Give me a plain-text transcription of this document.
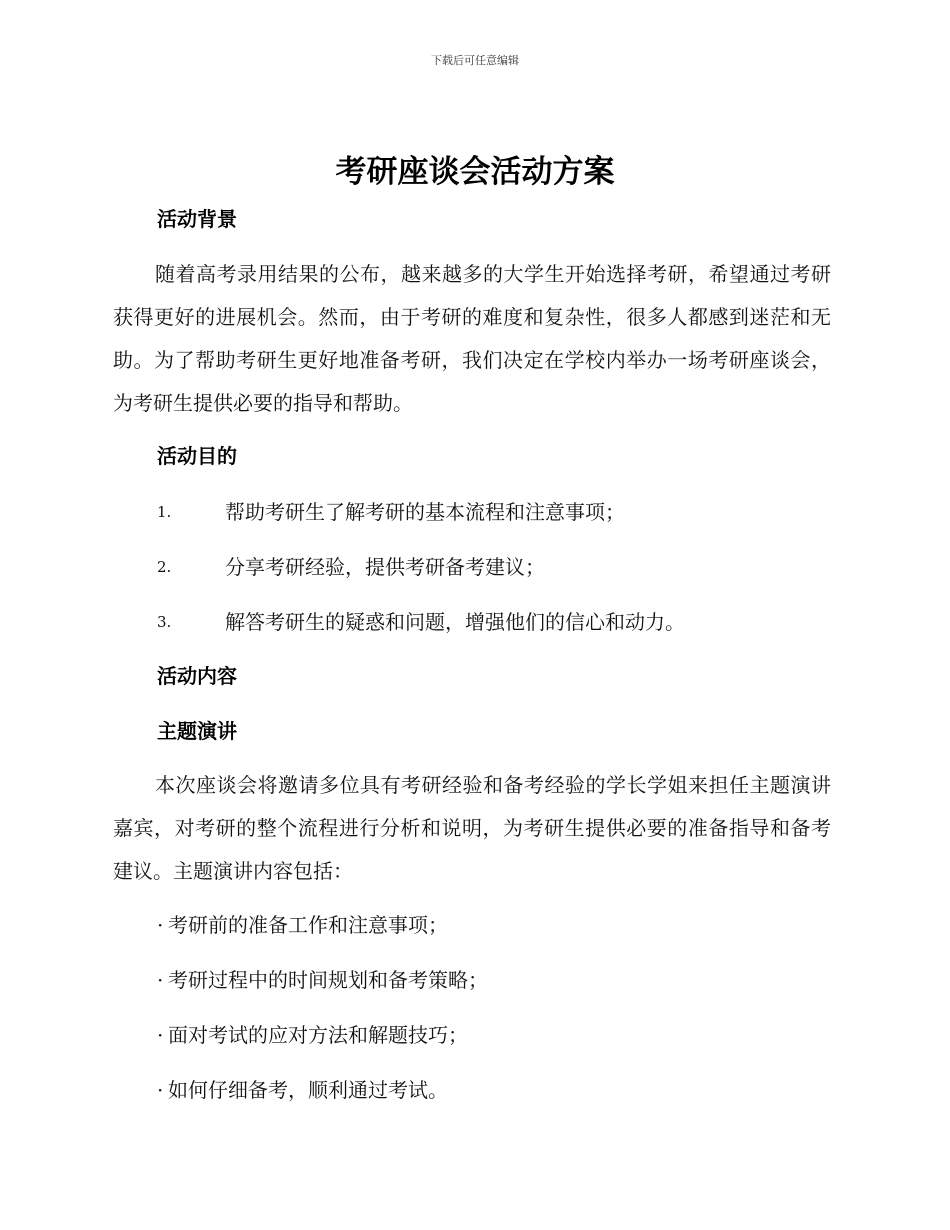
下载后可任意编辑
考研座谈会活动方案
活动背景

随着高考录用结果的公布，越来越多的大学生开始选择考研，希望通过考研获得更好的进展机会。然而，由于考研的难度和复杂性，很多人都感到迷茫和无助。为了帮助考研生更好地准备考研，我们决定在学校内举办一场考研座谈会，为考研生提供必要的指导和帮助。

活动目的
1.	帮助考研生了解考研的基本流程和注意事项；
2.	分享考研经验，提供考研备考建议；
3.	解答考研生的疑惑和问题，增强他们的信心和动力。
活动内容
主题演讲

本次座谈会将邀请多位具有考研经验和备考经验的学长学姐来担任主题演讲嘉宾，对考研的整个流程进行分析和说明，为考研生提供必要的准备指导和备考建议。主题演讲内容包括：

· 考研前的准备工作和注意事项；
· 考研过程中的时间规划和备考策略；
· 面对考试的应对方法和解题技巧；
· 如何仔细备考，顺利通过考试。
